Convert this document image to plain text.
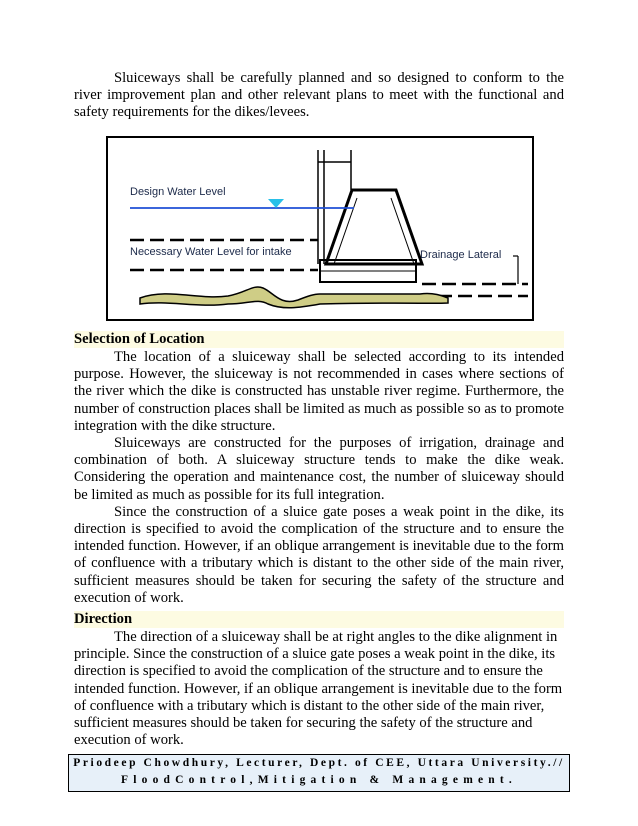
Sluiceways shall be carefully planned and so designed to conform to the river improvement plan and other relevant plans to meet with the functional and safety requirements for the dikes/levees.

Design Water Level
Necessary Water Level for intake	Drainage Lateral
Selection of Location

The location of a sluiceway shall be selected according to its intended purpose. However, the sluiceway is not recommended in cases where sections of the river which the dike is constructed has unstable river regime. Furthermore, the number of construction places shall be limited as much as possible so as to promote integration with the dike structure.

Sluiceways are constructed for the purposes of irrigation, drainage and combination of both. A sluiceway structure tends to make the dike weak. Considering the operation and maintenance cost, the number of sluiceway should be limited as much as possible for its full integration.

Since the construction of a sluice gate poses a weak point in the dike, its direction is specified to avoid the complication of the structure and to ensure the intended function. However, if an oblique arrangement is inevitable due to the form of confluence with a tributary which is distant to the other side of the main river, sufficient measures should be taken for securing the safety of the structure and execution of work.

Direction

The direction of a sluiceway shall be at right angles to the dike alignment in principle. Since the construction of a sluice gate poses a weak point in the dike, its direction is specified to avoid the complication of the structure and to ensure the intended function. However, if an oblique arrangement is inevitable due to the form of confluence with a tributary which is distant to the other side of the main river, sufficient measures should be taken for securing the safety of the structure and execution of work.

Priodeep Chowdhury, Lecturer, Dept. of CEE, Uttara University.//
FloodControl,Mitigation & Management.
